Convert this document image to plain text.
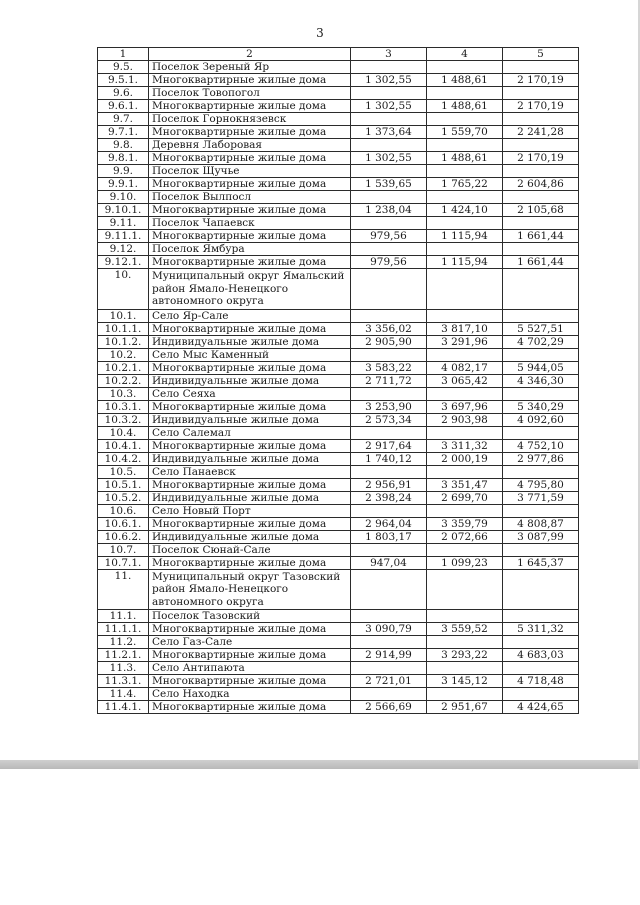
3
1	2	3	4	5
9.5.	Поселок Зереный Яр			
9.5.1.	Многоквартирные жилые дома	1 302,55	1 488,61	2 170,19
9.6.	Поселок Товопогол			
9.6.1.	Многоквартирные жилые дома	1 302,55	1 488,61	2 170,19
9.7.	Поселок Горнокнязевск			
9.7.1.	Многоквартирные жилые дома	1 373,64	1 559,70	2 241,28
9.8.	Деревня Лаборовая			
9.8.1.	Многоквартирные жилые дома	1 302,55	1 488,61	2 170,19
9.9.	Поселок Щучье			
9.9.1.	Многоквартирные жилые дома	1 539,65	1 765,22	2 604,86
9.10.	Поселок Вылпосл			
9.10.1.	Многоквартирные жилые дома	1 238,04	1 424,10	2 105,68
9.11.	Поселок Чапаевск			
9.11.1.	Многоквартирные жилые дома	979,56	1 115,94	1 661,44
9.12.	Поселок Ямбура			
9.12.1.	Многоквартирные жилые дома	979,56	1 115,94	1 661,44
10.	Муниципальный округ Ямальский район Ямало-Ненецкого автономного округа			
10.1.	Село Яр-Сале			
10.1.1.	Многоквартирные жилые дома	3 356,02	3 817,10	5 527,51
10.1.2.	Индивидуальные жилые дома	2 905,90	3 291,96	4 702,29
10.2.	Село Мыс Каменный			
10.2.1.	Многоквартирные жилые дома	3 583,22	4 082,17	5 944,05
10.2.2.	Индивидуальные жилые дома	2 711,72	3 065,42	4 346,30
10.3.	Село Сеяха			
10.3.1.	Многоквартирные жилые дома	3 253,90	3 697,96	5 340,29
10.3.2.	Индивидуальные жилые дома	2 573,34	2 903,98	4 092,60
10.4.	Село Салемал			
10.4.1.	Многоквартирные жилые дома	2 917,64	3 311,32	4 752,10
10.4.2.	Индивидуальные жилые дома	1 740,12	2 000,19	2 977,86
10.5.	Село Панаевск			
10.5.1.	Многоквартирные жилые дома	2 956,91	3 351,47	4 795,80
10.5.2.	Индивидуальные жилые дома	2 398,24	2 699,70	3 771,59
10.6.	Село Новый Порт			
10.6.1.	Многоквартирные жилые дома	2 964,04	3 359,79	4 808,87
10.6.2.	Индивидуальные жилые дома	1 803,17	2 072,66	3 087,99
10.7.	Поселок Сюнай-Сале			
10.7.1.	Многоквартирные жилые дома	947,04	1 099,23	1 645,37
11.	Муниципальный округ Тазовский район Ямало-Ненецкого автономного округа			
11.1.	Поселок Тазовский			
11.1.1.	Многоквартирные жилые дома	3 090,79	3 559,52	5 311,32
11.2.	Село Газ-Сале			
11.2.1.	Многоквартирные жилые дома	2 914,99	3 293,22	4 683,03
11.3.	Село Антипаюта			
11.3.1.	Многоквартирные жилые дома	2 721,01	3 145,12	4 718,48
11.4.	Село Находка			
11.4.1.	Многоквартирные жилые дома	2 566,69	2 951,67	4 424,65
